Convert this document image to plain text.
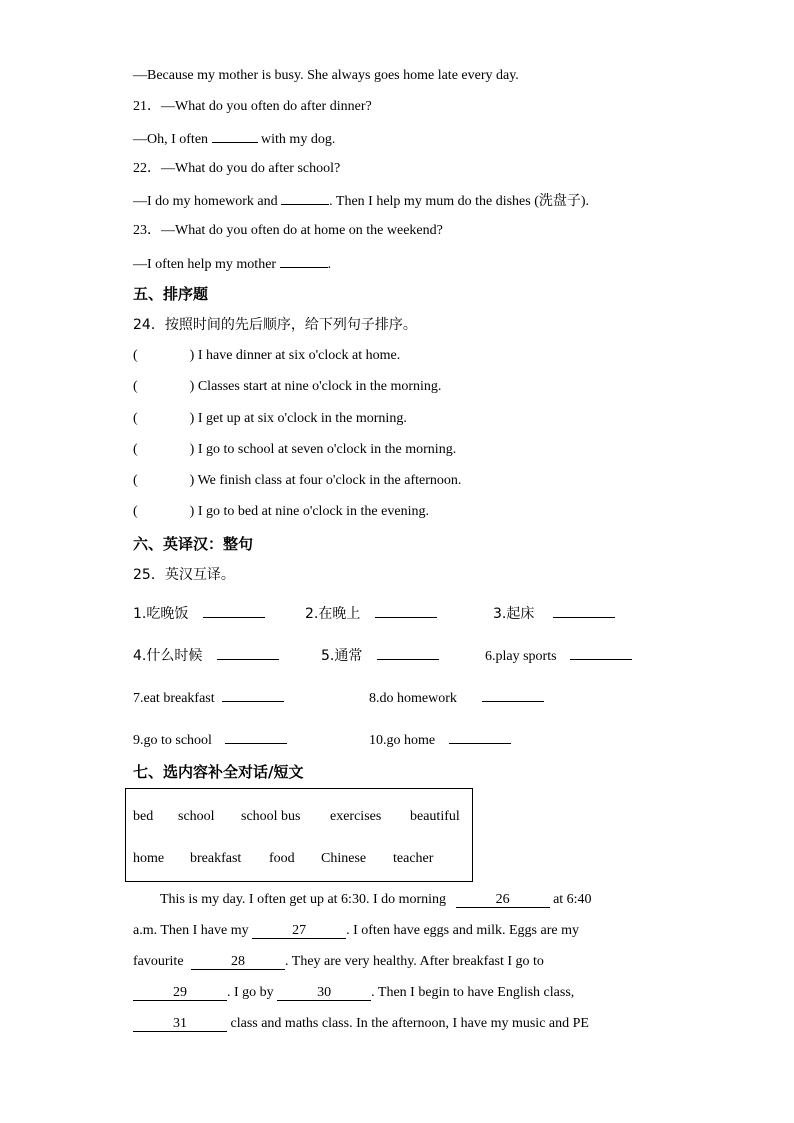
—Because my mother is busy. She always goes home late every day.
21．—What do you often do after dinner?
—Oh, I often	with my dog.
22．—What do you do after school?
—I do my homework and	. Then I help my mum do the dishes (洗盘子).
23．—What do you often do at home on the weekend?
—I often help my mother	.
五、排序题
24．按照时间的先后顺序，给下列句子排序。
(	) I have dinner at six o'clock at home.
(	) Classes start at nine o'clock in the morning.
(	) I get up at six o'clock in the morning.
(	) I go to school at seven o'clock in the morning.
(	) We finish class at four o'clock in the afternoon.
(	) I go to bed at nine o'clock in the evening.
六、英译汉：整句
25．英汉互译。
1.吃晚饭	2.在晚上	3.起床
4.什么时候	5.通常	6.play sports
7.eat breakfast	8.do homework
9.go to school	10.go home
七、选内容补全对话/短文
bed school school bus exercises beautiful
home breakfast food Chinese teacher
This is my day. I often get up at 6:30. I do morning	26	at 6:40
a.m. Then I have my	27	. I often have eggs and milk. Eggs are my
favourite	28	. They are very healthy. After breakfast I go to
29	. I go by	30	. Then I begin to have English class,
31	class and maths class. In the afternoon, I have my music and PE
